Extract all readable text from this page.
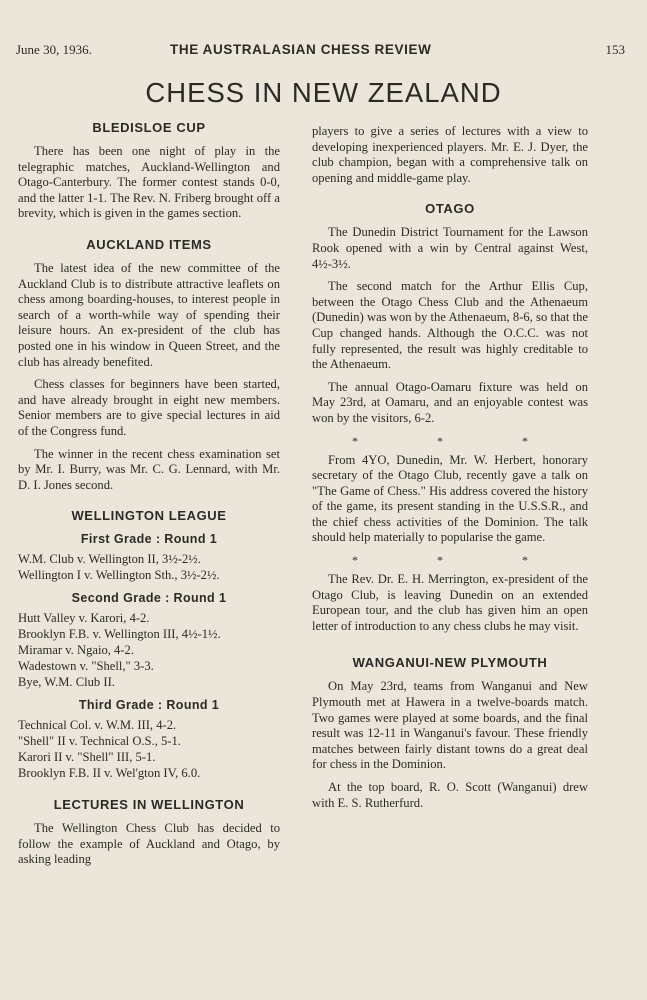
June 30, 1936.	THE AUSTRALASIAN CHESS REVIEW	153
CHESS IN NEW ZEALAND
BLEDISLOE CUP

There has been one night of play in the telegraphic matches, Auckland-Wellington and Otago-Canterbury. The former contest stands 0-0, and the latter 1-1. The Rev. N. Friberg brought off a brevity, which is given in the games section.

AUCKLAND ITEMS

The latest idea of the new committee of the Auckland Club is to distribute attractive leaflets on chess among boarding-houses, to interest people in search of a worth-while way of spending their leisure hours. An ex-president of the club has posted one in his window in Queen Street, and the club has already benefited.

Chess classes for beginners have been started, and have already brought in eight new members. Senior members are to give special lectures in aid of the Congress fund.

The winner in the recent chess examination set by Mr. I. Burry, was Mr. C. G. Lennard, with Mr. D. I. Jones second.

WELLINGTON LEAGUE
First Grade : Round 1

W.M. Club v. Wellington II, 3½-2½.

Wellington I v. Wellington Sth., 3½-2½.

Second Grade : Round 1

Hutt Valley v. Karori, 4-2.

Brooklyn F.B. v. Wellington III, 4½-1½.

Miramar v. Ngaio, 4-2.

Wadestown v. "Shell," 3-3.

Bye, W.M. Club II.

Third Grade : Round 1

Technical Col. v. W.M. III, 4-2.

"Shell" II v. Technical O.S., 5-1.

Karori II v. "Shell" III, 5-1.

Brooklyn F.B. II v. Wel'gton IV, 6.0.

LECTURES IN WELLINGTON

The Wellington Chess Club has decided to follow the example of Auckland and Otago, by asking leading

players to give a series of lectures with a view to developing inexperienced players. Mr. E. J. Dyer, the club champion, began with a comprehensive talk on opening and middle-game play.

OTAGO

The Dunedin District Tournament for the Lawson Rook opened with a win by Central against West, 4½-3½.

The second match for the Arthur Ellis Cup, between the Otago Chess Club and the Athenaeum (Dunedin) was won by the Athenaeum, 8-6, so that the Cup changed hands. Although the O.C.C. was not fully represented, the result was highly creditable to the Athenaeum.

The annual Otago-Oamaru fixture was held on May 23rd, at Oamaru, and an enjoyable contest was won by the visitors, 6-2.

* * *

From 4YO, Dunedin, Mr. W. Herbert, honorary secretary of the Otago Club, recently gave a talk on "The Game of Chess." His address covered the history of the game, its present standing in the U.S.S.R., and the chief chess activities of the Dominion. The talk should help materially to popularise the game.

* * *

The Rev. Dr. E. H. Merrington, ex-president of the Otago Club, is leaving Dunedin on an extended European tour, and the club has given him an open letter of introduction to any chess clubs he may visit.

WANGANUI-NEW PLYMOUTH

On May 23rd, teams from Wanganui and New Plymouth met at Hawera in a twelve-boards match. Two games were played at some boards, and the final result was 12-11 in Wanganui's favour. These friendly matches between fairly distant towns do a great deal for chess in the Dominion.

At the top board, R. O. Scott (Wanganui) drew with E. S. Rutherfurd.
